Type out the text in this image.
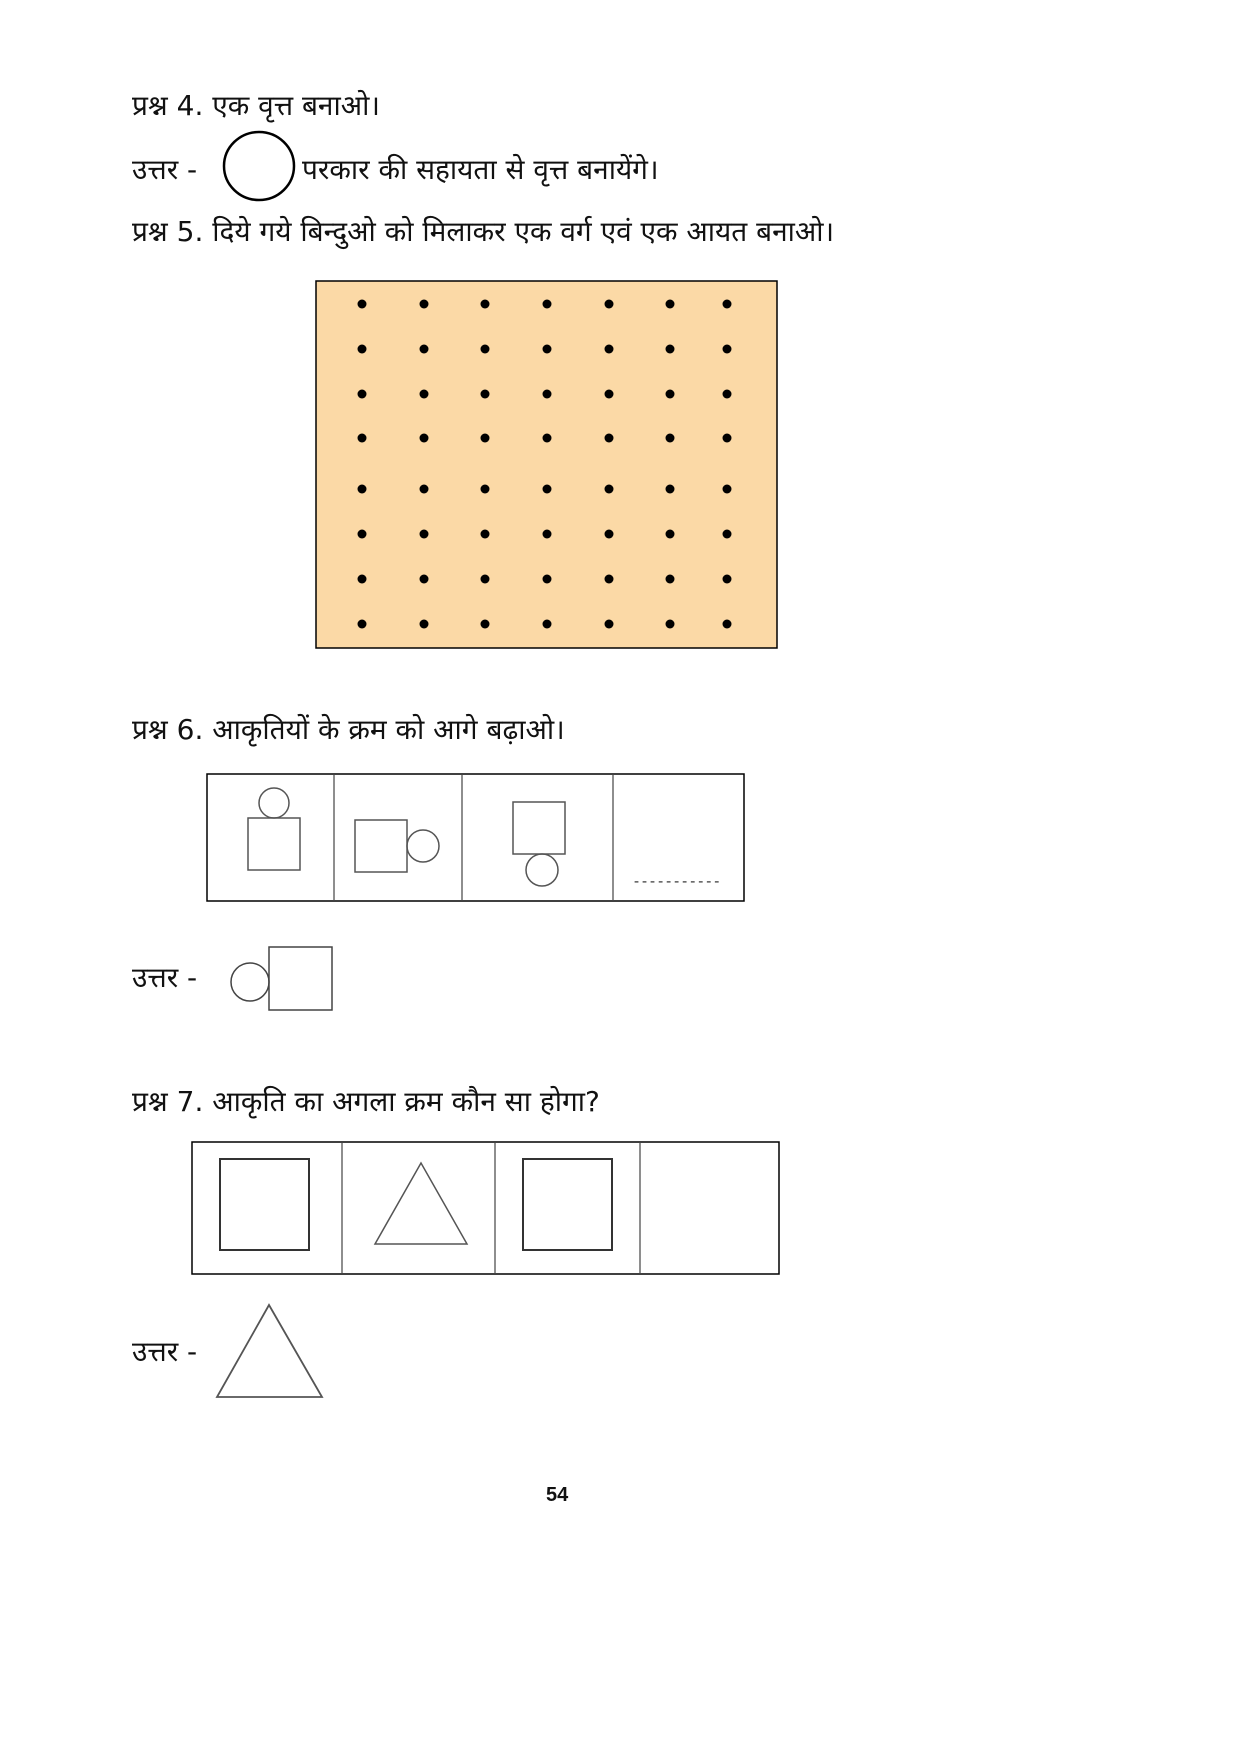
प्रश्न 4. एक वृत्त बनाओ।
उत्तर -	परकार की सहायता से वृत्त बनायेंगे।
प्रश्न 5. दिये गये बिन्दुओ को मिलाकर एक वर्ग एवं एक आयत बनाओ।
प्रश्न 6. आकृतियों के क्रम को आगे बढ़ाओ।
-----------
उत्तर -
प्रश्न 7. आकृति का अगला क्रम कौन सा होगा?
उत्तर -
54
